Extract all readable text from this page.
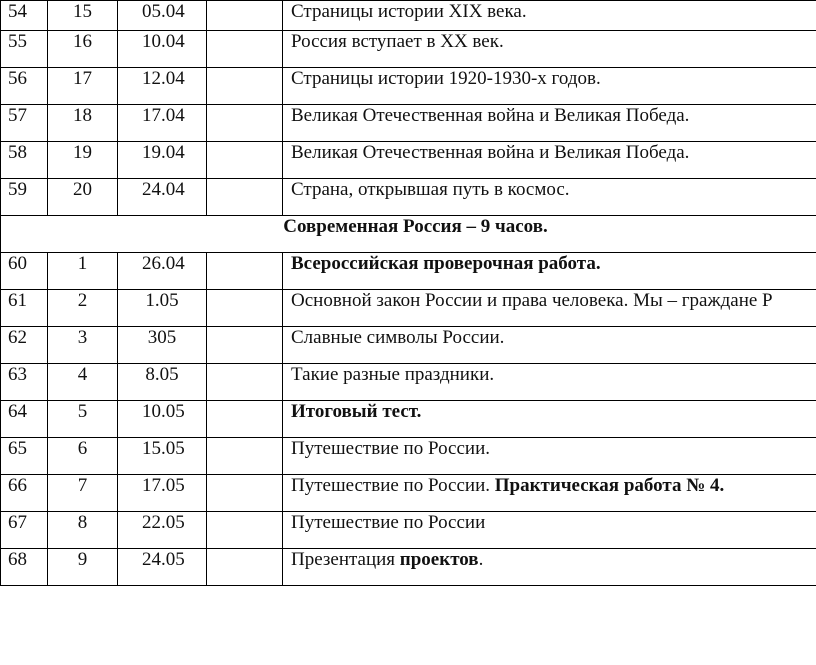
54	15	05.04		Страницы истории XIX века.
55	16	10.04		Россия вступает в XX век.
56	17	12.04		Страницы истории 1920-1930-х годов.
57	18	17.04		Великая Отечественная война и Великая Победа.
58	19	19.04		Великая Отечественная война и Великая Победа.
59	20	24.04		Страна, открывшая путь в космос.
Современная Россия – 9 часов.				
60	1	26.04		Всероссийская проверочная работа.
61	2	1.05		Основной закон России и права человека. Мы – граждане Р
62	3	305		Славные символы России.
63	4	8.05		Такие разные праздники.
64	5	10.05		Итоговый тест.
65	6	15.05		Путешествие по России.
66	7	17.05		Путешествие по России. Практическая работа № 4.
67	8	22.05		Путешествие по России
68	9	24.05		Презентация проектов.
